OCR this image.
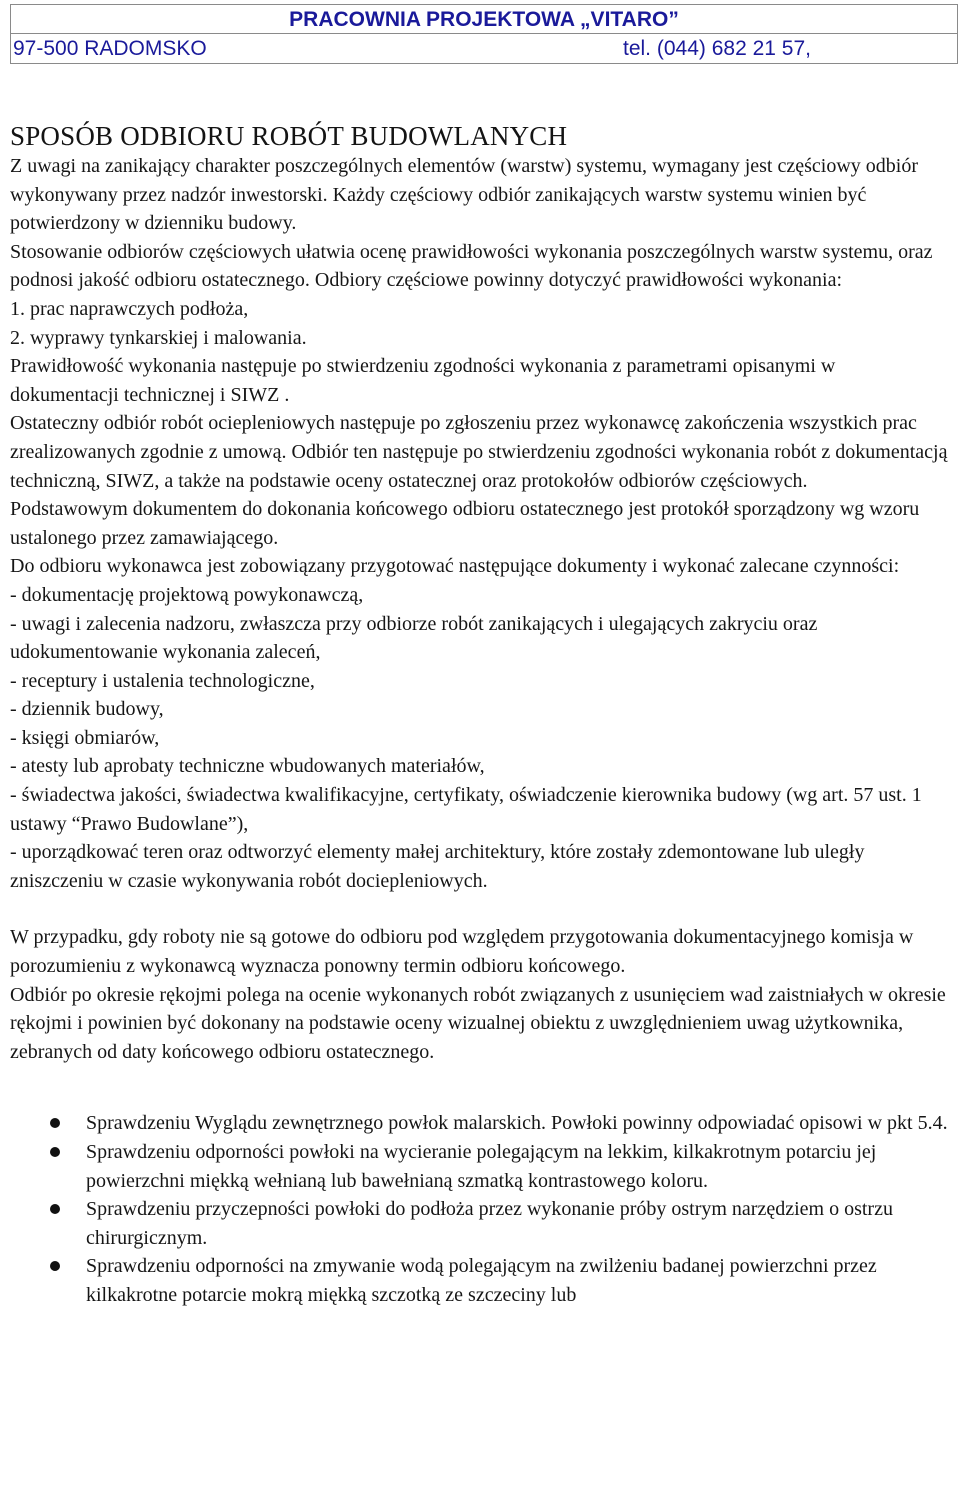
PRACOWNIA PROJEKTOWA „VITARO”
97-500 RADOMSKO	tel. (044) 682 21 57,
SPOSÓB ODBIORU ROBÓT BUDOWLANYCH

Z uwagi na zanikający charakter poszczególnych elementów (warstw) systemu, wymagany jest częściowy odbiór wykonywany przez nadzór inwestorski. Każdy częściowy odbiór zanikających warstw systemu winien być potwierdzony w dzienniku budowy.

Stosowanie odbiorów częściowych ułatwia ocenę prawidłowości wykonania poszczególnych warstw systemu, oraz podnosi jakość odbioru ostatecznego. Odbiory częściowe powinny dotyczyć prawidłowości wykonania:

1. prac naprawczych podłoża,

2. wyprawy tynkarskiej i malowania.

Prawidłowość wykonania następuje po stwierdzeniu zgodności wykonania z parametrami opisanymi w dokumentacji technicznej i SIWZ .

Ostateczny odbiór robót ociepleniowych następuje po zgłoszeniu przez wykonawcę zakończenia wszystkich prac zrealizowanych zgodnie z umową. Odbiór ten następuje po stwierdzeniu zgodności wykonania robót z dokumentacją techniczną, SIWZ, a także na podstawie oceny ostatecznej oraz protokołów odbiorów częściowych.

Podstawowym dokumentem do dokonania końcowego odbioru ostatecznego jest protokół sporządzony wg wzoru ustalonego przez zamawiającego.

Do odbioru wykonawca jest zobowiązany przygotować następujące dokumenty i wykonać zalecane czynności:

- dokumentację projektową powykonawczą,

- uwagi i zalecenia nadzoru, zwłaszcza przy odbiorze robót zanikających i ulegających zakryciu oraz udokumentowanie wykonania zaleceń,

- receptury i ustalenia technologiczne,

- dziennik budowy,

- księgi obmiarów,

- atesty lub aprobaty techniczne wbudowanych materiałów,

- świadectwa jakości, świadectwa kwalifikacyjne, certyfikaty, oświadczenie kierownika budowy (wg art. 57 ust. 1 ustawy “Prawo Budowlane”),

- uporządkować teren oraz odtworzyć elementy małej architektury, które zostały zdemontowane lub uległy zniszczeniu w czasie wykonywania robót dociepleniowych.

W przypadku, gdy roboty nie są gotowe do odbioru pod względem przygotowania dokumentacyjnego komisja w porozumieniu z wykonawcą wyznacza ponowny termin odbioru końcowego.

Odbiór po okresie rękojmi polega na ocenie wykonanych robót związanych z usunięciem wad zaistniałych w okresie rękojmi i powinien być dokonany na podstawie oceny wizualnej obiektu z uwzględnieniem uwag użytkownika, zebranych od daty końcowego odbioru ostatecznego.

Sprawdzeniu Wyglądu zewnętrznego powłok malarskich. Powłoki powinny odpowiadać opisowi w pkt 5.4.
Sprawdzeniu odporności powłoki na wycieranie polegającym na lekkim, kilkakrotnym potarciu jej powierzchni miękką wełnianą lub bawełnianą szmatką kontrastowego koloru.
Sprawdzeniu przyczepności powłoki do podłoża przez wykonanie próby ostrym narzędziem o ostrzu chirurgicznym.
Sprawdzeniu odporności na zmywanie wodą polegającym na zwilżeniu badanej powierzchni przez kilkakrotne potarcie mokrą miękką szczotką ze szczeciny lub
